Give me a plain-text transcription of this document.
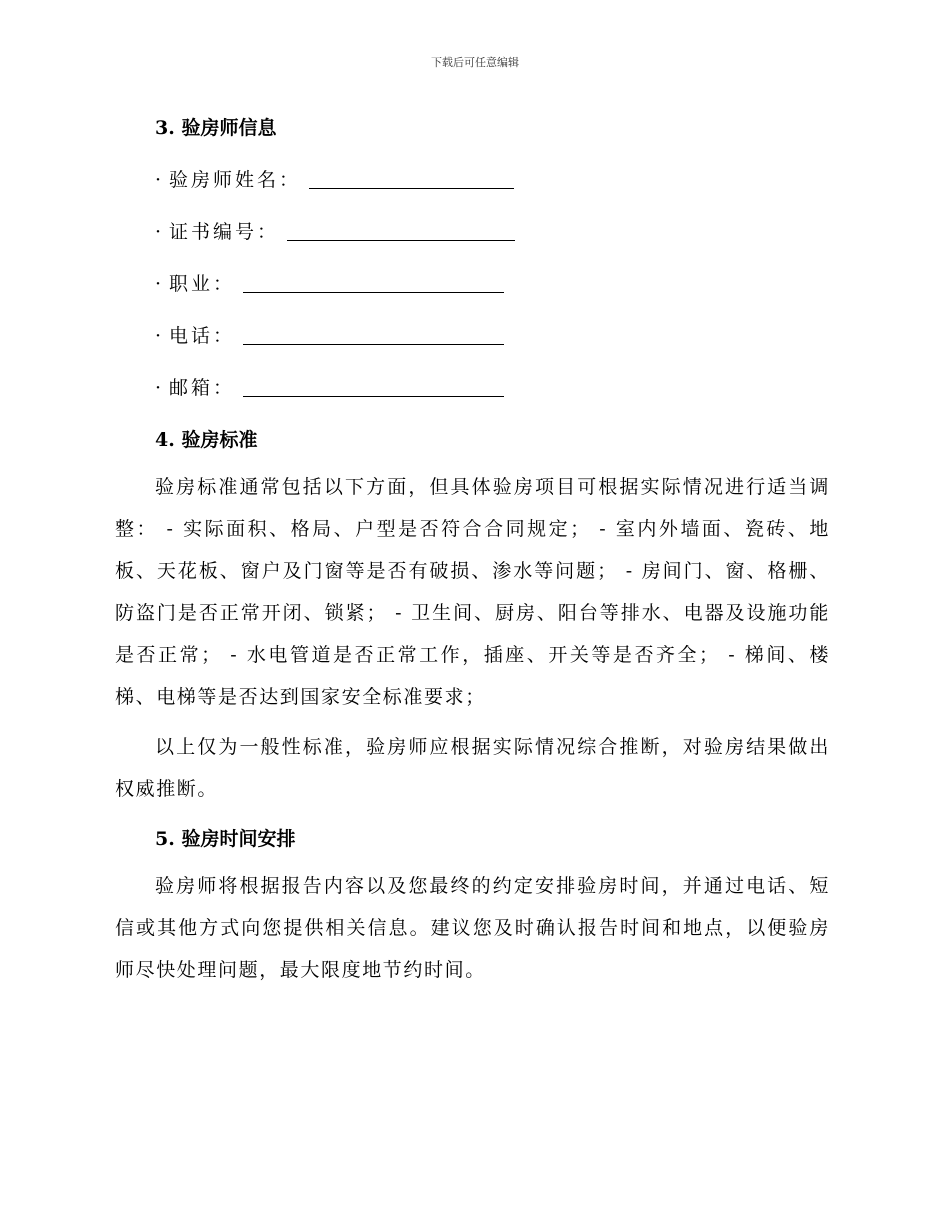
下载后可任意编辑
3. 验房师信息
· 验房师姓名：
· 证书编号：
· 职业：
· 电话：
· 邮箱：
4. 验房标准

验房标准通常包括以下方面，但具体验房项目可根据实际情况进行适当调整： - 实际面积、格局、户型是否符合合同规定； - 室内外墙面、瓷砖、地板、天花板、窗户及门窗等是否有破损、渗水等问题； - 房间门、窗、格栅、防盗门是否正常开闭、锁紧； - 卫生间、厨房、阳台等排水、电器及设施功能是否正常； - 水电管道是否正常工作，插座、开关等是否齐全； - 梯间、楼梯、电梯等是否达到国家安全标准要求；

以上仅为一般性标准，验房师应根据实际情况综合推断，对验房结果做出权威推断。

5. 验房时间安排

验房师将根据报告内容以及您最终的约定安排验房时间，并通过电话、短信或其他方式向您提供相关信息。建议您及时确认报告时间和地点，以便验房师尽快处理问题，最大限度地节约时间。
